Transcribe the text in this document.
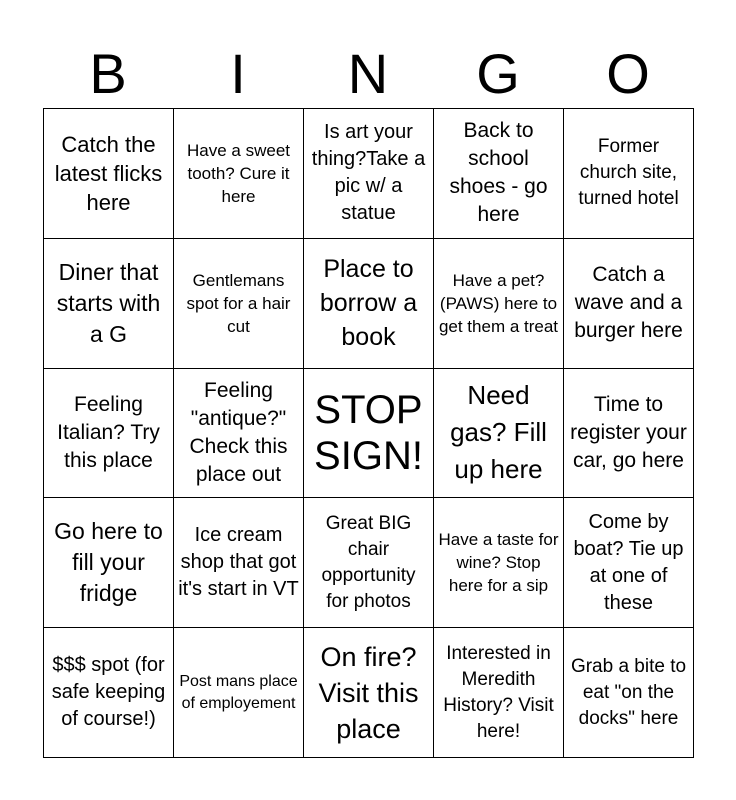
B	I	N	G	O
Catch the latest flicks here	Have a sweet tooth? Cure it here	Is art your thing?Take a pic w/ a statue	Back to school shoes - go here	Former church site, turned hotel
Diner that starts with a G	Gentlemans spot for a hair cut	Place to borrow a book	Have a pet? (PAWS) here to get them a treat	Catch a wave and a burger here
Feeling Italian? Try this place	Feeling "antique?" Check this place out	STOP SIGN!	Need gas? Fill up here	Time to register your car, go here
Go here to fill your fridge	Ice cream shop that got it's start in VT	Great BIG chair opportunity for photos	Have a taste for wine? Stop here for a sip	Come by boat? Tie up at one of these
$$$ spot (for safe keeping of course!)	Post mans place of employement	On fire? Visit this place	Interested in Meredith History? Visit here!	Grab a bite to eat "on the docks" here
